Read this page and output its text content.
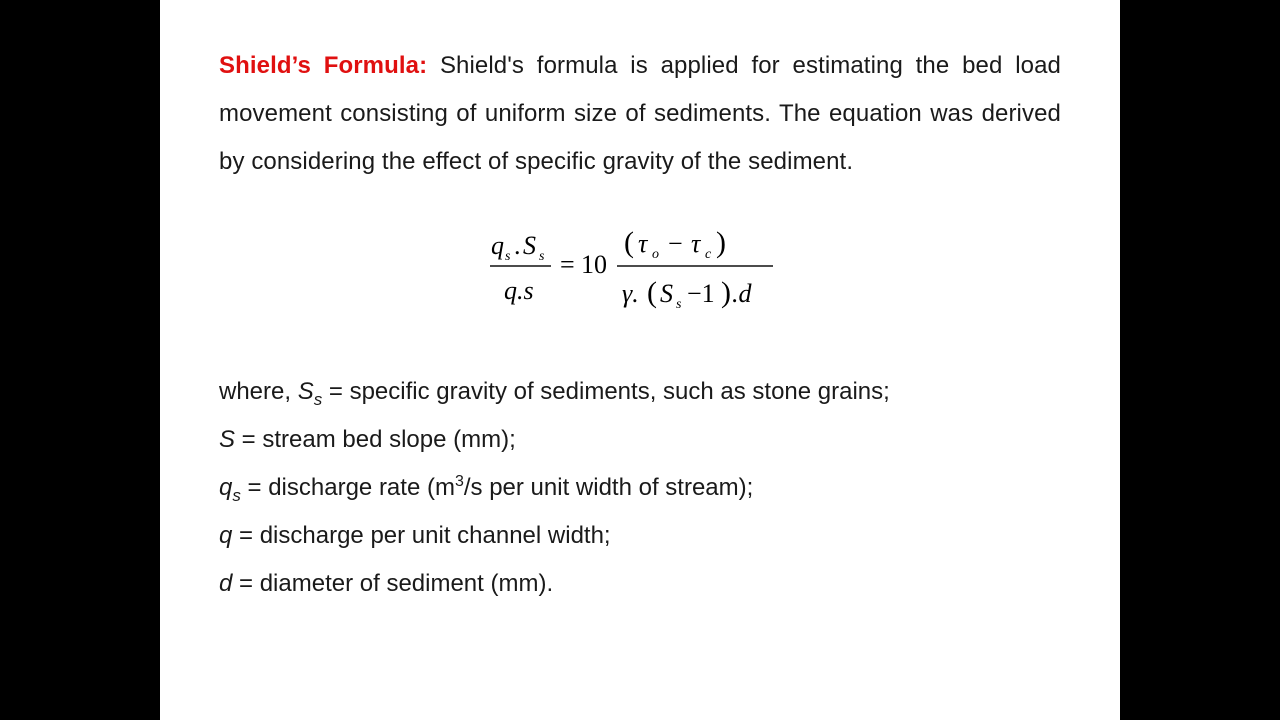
Shield’s Formula: Shield's formula is applied for estimating the bed load movement consisting of uniform size of sediments. The equation was derived by considering the effect of specific gravity of the sediment.

q s . S s
q.s
= 10
( τ o − τ c )
γ. ( S s −1 ) .d
where, $S_s$ = specific gravity of sediments, such as stone grains;
S = stream bed slope (mm);
$q_s$ = discharge rate ($m^3/s$ per unit width of stream);
q = discharge per unit channel width;
d = diameter of sediment (mm).
